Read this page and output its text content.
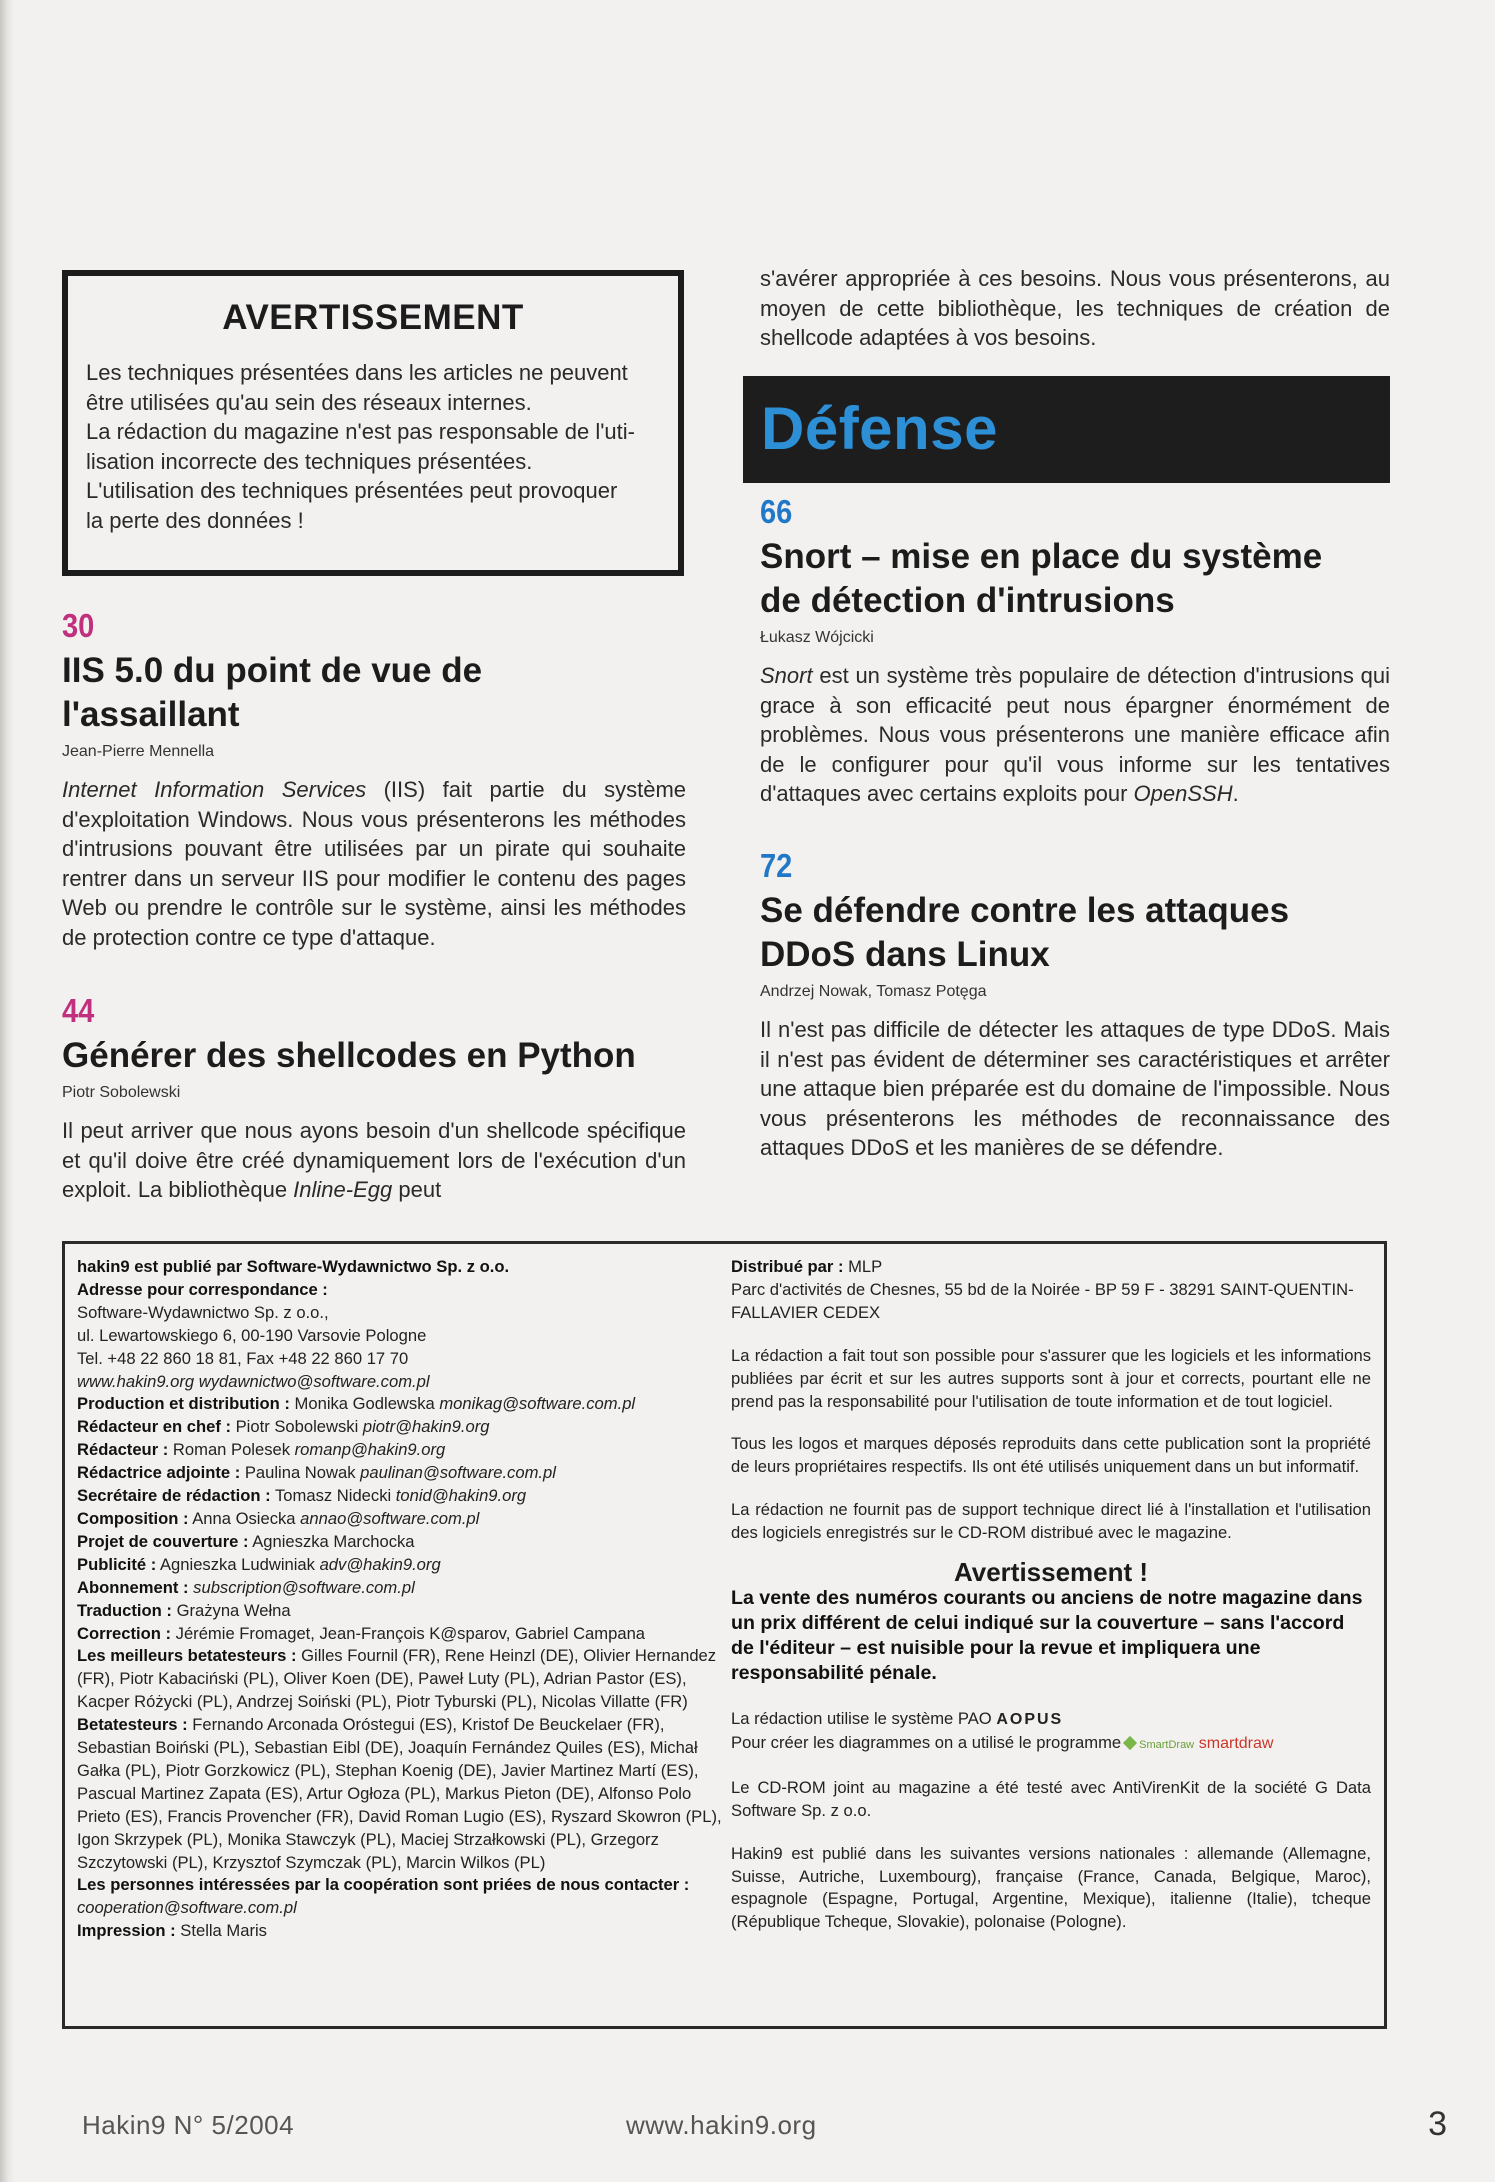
AVERTISSEMENT

Les techniques présentées dans les articles ne peuvent

être utilisées qu'au sein des réseaux internes.

La rédaction du magazine n'est pas responsable de l'uti-

lisation incorrecte des techniques présentées.

L'utilisation des techniques présentées peut provoquer

la perte des données !

30

IIS 5.0 du point de vue de
l'assaillant

Jean-Pierre Mennella

Internet Information Services (IIS) fait partie du système d'exploitation Windows. Nous vous présenterons les méthodes d'intrusions pouvant être utilisées par un pirate qui souhaite rentrer dans un serveur IIS pour modifier le contenu des pages Web ou prendre le contrôle sur le système, ainsi les méthodes de protection contre ce type d'attaque.

44

Générer des shellcodes en Python

Piotr Sobolewski

Il peut arriver que nous ayons besoin d'un shellcode spécifique et qu'il doive être créé dynamiquement lors de l'exécution d'un exploit. La bibliothèque Inline-Egg peut

s'avérer appropriée à ces besoins. Nous vous présenterons, au moyen de cette bibliothèque, les techniques de création de shellcode adaptées à vos besoins.

Défense

66

Snort – mise en place du système
de détection d'intrusions

Łukasz Wójcicki

Snort est un système très populaire de détection d'intrusions qui grace à son efficacité peut nous épargner énormément de problèmes. Nous vous présenterons une manière efficace afin de le configurer pour qu'il vous informe sur les tentatives d'attaques avec certains exploits pour OpenSSH.

72

Se défendre contre les attaques
DDoS dans Linux

Andrzej Nowak, Tomasz Potęga

Il n'est pas difficile de détecter les attaques de type DDoS. Mais il n'est pas évident de déterminer ses caractéristiques et arrêter une attaque bien préparée est du domaine de l'impossible. Nous vous présenterons les méthodes de reconnaissance des attaques DDoS et les manières de se défendre.

hakin9 est publié par Software-Wydawnictwo Sp. z o.o.
Adresse pour correspondance :
Software-Wydawnictwo Sp. z o.o.,
ul. Lewartowskiego 6, 00-190 Varsovie Pologne
Tel. +48 22 860 18 81, Fax +48 22 860 17 70
www.hakin9.org wydawnictwo@software.com.pl
Production et distribution : Monika Godlewska monikag@software.com.pl
Rédacteur en chef : Piotr Sobolewski piotr@hakin9.org
Rédacteur : Roman Polesek romanp@hakin9.org
Rédactrice adjointe : Paulina Nowak paulinan@software.com.pl
Secrétaire de rédaction : Tomasz Nidecki tonid@hakin9.org
Composition : Anna Osiecka annao@software.com.pl
Projet de couverture : Agnieszka Marchocka
Publicité : Agnieszka Ludwiniak adv@hakin9.org
Abonnement : subscription@software.com.pl
Traduction : Grażyna Wełna
Correction : Jérémie Fromaget, Jean-François K@sparov, Gabriel Campana
Les meilleurs betatesteurs : Gilles Fournil (FR), Rene Heinzl (DE), Olivier Hernandez (FR), Piotr Kabaciński (PL), Oliver Koen (DE), Paweł Luty (PL), Adrian Pastor (ES), Kacper Różycki (PL), Andrzej Soiński (PL), Piotr Tyburski (PL), Nicolas Villatte (FR)
Betatesteurs : Fernando Arconada Oróstegui (ES), Kristof De Beuckelaer (FR), Sebastian Boiński (PL), Sebastian Eibl (DE), Joaquín Fernández Quiles (ES), Michał Gałka (PL), Piotr Gorzkowicz (PL), Stephan Koenig (DE), Javier Martinez Martí (ES), Pascual Martinez Zapata (ES), Artur Ogłoza (PL), Markus Pieton (DE), Alfonso Polo Prieto (ES), Francis Provencher (FR), David Roman Lugio (ES), Ryszard Skowron (PL), Igon Skrzypek (PL), Monika Stawczyk (PL), Maciej Strzałkowski (PL), Grzegorz Szczytowski (PL), Krzysztof Szymczak (PL), Marcin Wilkos (PL)
Les personnes intéressées par la coopération sont priées de nous contacter : cooperation@software.com.pl
Impression : Stella Maris
Distribué par : MLP

Parc d'activités de Chesnes, 55 bd de la Noirée - BP 59 F - 38291 SAINT-QUENTIN-FALLAVIER CEDEX

La rédaction a fait tout son possible pour s'assurer que les logiciels et les informations publiées par écrit et sur les autres supports sont à jour et corrects, pourtant elle ne prend pas la responsabilité pour l'utilisation de toute information et de tout logiciel.

Tous les logos et marques déposés reproduits dans cette publication sont la propriété de leurs propriétaires respectifs. Ils ont été utilisés uniquement dans un but informatif.

La rédaction ne fournit pas de support technique direct lié à l'installation et l'utilisation des logiciels enregistrés sur le CD-ROM distribué avec le magazine.

Avertissement !

La vente des numéros courants ou anciens de notre magazine dans un prix différent de celui indiqué sur la couverture – sans l'accord de l'éditeur – est nuisible pour la revue et impliquera une responsabilité pénale.

La rédaction utilise le système PAO AOPUS
Pour créer les diagrammes on a utilisé le programme SmartDraw smartdraw

Le CD-ROM joint au magazine a été testé avec AntiVirenKit de la société G Data Software Sp. z o.o.

Hakin9 est publié dans les suivantes versions nationales : allemande (Allemagne, Suisse, Autriche, Luxembourg), française (France, Canada, Belgique, Maroc), espagnole (Espagne, Portugal, Argentine, Mexique), italienne (Italie), tcheque (République Tcheque, Slovakie), polonaise (Pologne).

Hakin9 N° 5/2004	www.hakin9.org	3
